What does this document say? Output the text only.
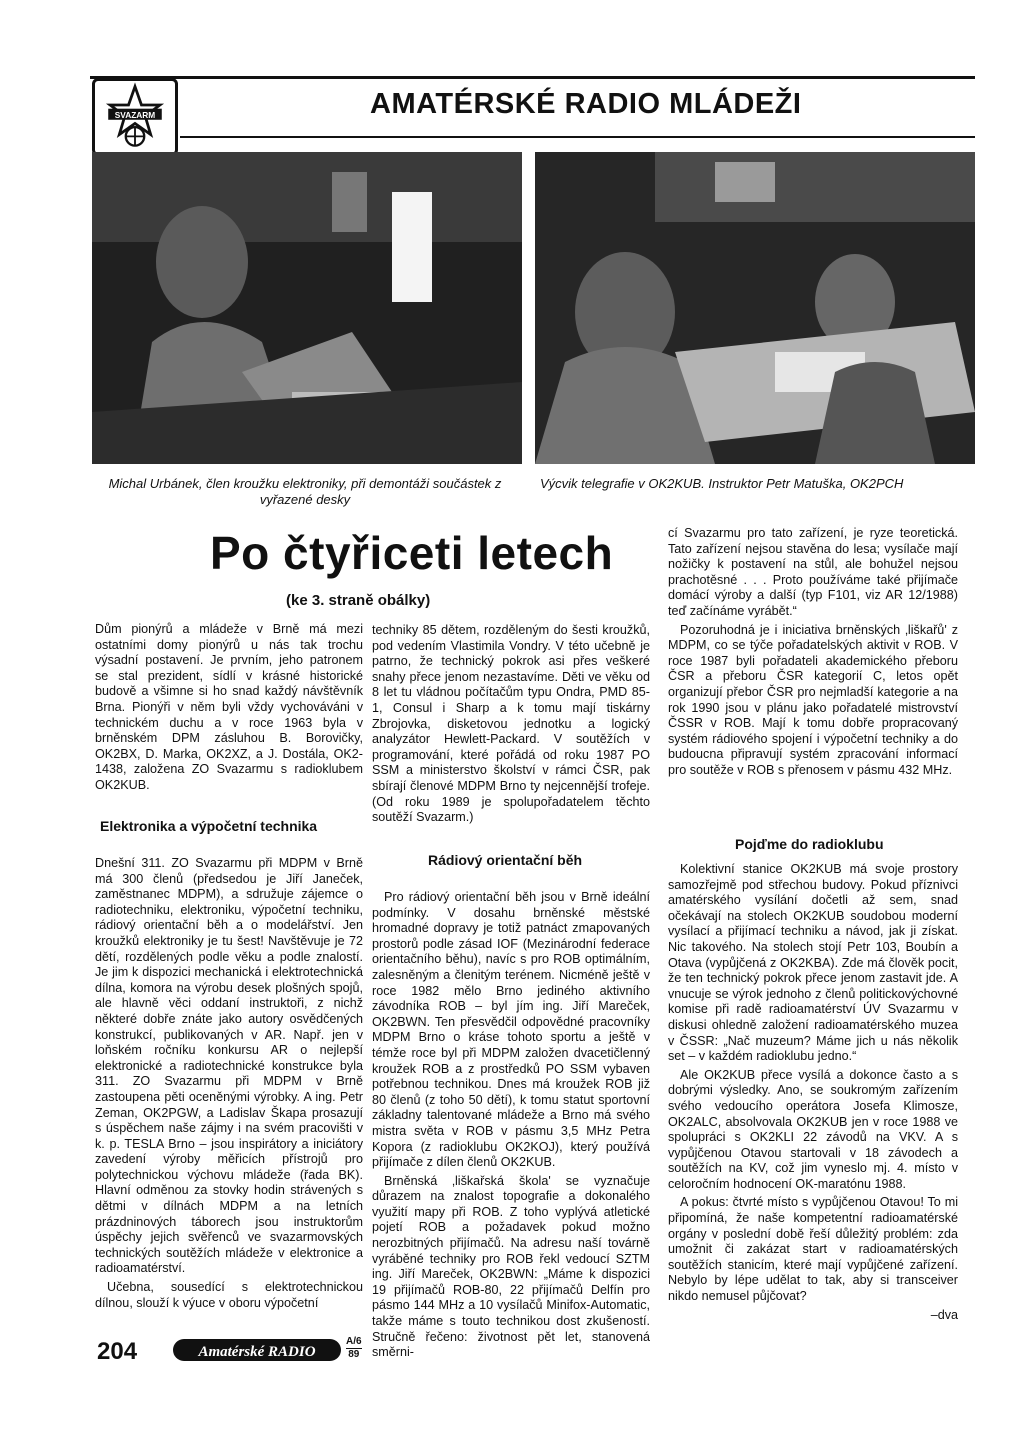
SVAZARM	AMATÉRSKÉ RADIO MLÁDEŽI
Michal Urbánek, člen kroužku elektroniky, při demontáži součástek z vyřazené desky
Výcvik telegrafie v OK2KUB. Instruktor Petr Matuška, OK2PCH
Po čtyřiceti letech
(ke 3. straně obálky)

Dům pionýrů a mládeže v Brně má mezi ostatními domy pionýrů u nás tak trochu výsadní postavení. Je prvním, jeho patronem se stal prezident, sídlí v krásné historické budově a všimne si ho snad každý návštěvník Brna. Pionýři v něm byli vždy vychováváni v technickém duchu a v roce 1963 byla v brněnském DPM zásluhou B. Borovičky, OK2BX, D. Marka, OK2XZ, a J. Dostála, OK2-1438, založena ZO Svazarmu s radioklubem OK2KUB.

Elektronika a výpočetní technika

Dnešní 311. ZO Svazarmu při MDPM v Brně má 300 členů (předsedou je Jiří Janeček, zaměstnanec MDPM), a sdružuje zájemce o radiotechniku, elektroniku, výpočetní techniku, rádiový orientační běh a o modelářství. Jen kroužků elektroniky je tu šest! Navštěvuje je 72 dětí, rozdělených podle věku a podle znalostí. Je jim k dispozici mechanická i elektrotechnická dílna, komora na výrobu desek plošných spojů, ale hlavně věci oddaní instruktoři, z nichž některé dobře znáte jako autory osvědčených konstrukcí, publikovaných v AR. Např. jen v loňském ročníku konkursu AR o nejlepší elektronické a radiotechnické konstrukce byla 311. ZO Svazarmu při MDPM v Brně zastoupena pěti oceněnými výrobky. A ing. Petr Zeman, OK2PGW, a Ladislav Škapa prosazují s úspěchem naše zájmy i na svém pracovišti v k. p. TESLA Brno – jsou inspirátory a iniciátory zavedení výroby měřicích přístrojů pro polytechnickou výchovu mládeže (řada BK). Hlavní odměnou za stovky hodin strávených s dětmi v dílnách MDPM a na letních prázdninových táborech jsou instruktorům úspěchy jejich svěřenců ve svazarmovských technických soutěžích mládeže v elektronice a radioamatérství.

Učebna, sousedící s elektrotechnickou dílnou, slouží k výuce v oboru výpočetní

techniky 85 dětem, rozděleným do šesti kroužků, pod vedením Vlastimila Vondry. V této učebně je patrno, že technický pokrok asi přes veškeré snahy přece jenom nezastavíme. Děti ve věku od 8 let tu vládnou počítačům typu Ondra, PMD 85-1, Consul i Sharp a k tomu mají tiskárny Zbrojovka, disketovou jednotku a logický analyzátor Hewlett-Packard. V soutěžích v programování, které pořádá od roku 1987 PO SSM a ministerstvo školství v rámci ČSR, pak sbírají členové MDPM Brno ty nejcennější trofeje. (Od roku 1989 je spolupořadatelem těchto soutěží Svazarm.)

Rádiový orientační běh

Pro rádiový orientační běh jsou v Brně ideální podmínky. V dosahu brněnské městské hromadné dopravy je totiž patnáct zmapovaných prostorů podle zásad IOF (Mezinárodní federace orientačního běhu), navíc s pro ROB optimálním, zalesněným a členitým terénem. Nicméně ještě v roce 1982 mělo Brno jediného aktivního závodníka ROB – byl jím ing. Jiří Mareček, OK2BWN. Ten přesvědčil odpovědné pracovníky MDPM Brno o kráse tohoto sportu a ještě v témže roce byl při MDPM založen dvacetičlenný kroužek ROB a z prostředků PO SSM vybaven potřebnou technikou. Dnes má kroužek ROB již 80 členů (z toho 50 dětí), k tomu statut sportovní základny talentované mládeže a Brno má svého mistra světa v ROB v pásmu 3,5 MHz Petra Kopora (z radioklubu OK2KOJ), který používá přijímače z dílen členů OK2KUB.

Brněnská ‚liškařská škola' se vyznačuje důrazem na znalost topografie a dokonalého využití mapy při ROB. Z toho vyplývá atletické pojetí ROB a požadavek pokud možno nerozbitných přijímačů. Na adresu naší továrně vyráběné techniky pro ROB řekl vedoucí SZTM ing. Jiří Mareček, OK2BWN: „Máme k dispozici 19 přijímačů ROB-80, 22 přijímačů Delfín pro pásmo 144 MHz a 10 vysílačů Minifox-Automatic, takže máme s touto technikou dost zkušeností. Stručně řečeno: životnost pět let, stanovená směrni-

cí Svazarmu pro tato zařízení, je ryze teoretická. Tato zařízení nejsou stavěna do lesa; vysílače mají nožičky k postavení na stůl, ale bohužel nejsou prachotěsné . . . Proto používáme také přijímače domácí výroby a další (typ F101, viz AR 12/1988) teď začínáme vyrábět.“

Pozoruhodná je i iniciativa brněnských ‚liškařů' z MDPM, co se týče pořadatelských aktivit v ROB. V roce 1987 byli pořadateli akademického přeboru ČSR a přeboru ČSR kategorií C, letos opět organizují přebor ČSR pro nejmladší kategorie a na rok 1990 jsou v plánu jako pořadatelé mistrovství ČSSR v ROB. Mají k tomu dobře propracovaný systém rádiového spojení i výpočetní techniky a do budoucna připravují systém zpracování informací pro soutěže v ROB s přenosem v pásmu 432 MHz.

Pojďme do radioklubu

Kolektivní stanice OK2KUB má svoje prostory samozřejmě pod střechou budovy. Pokud příznivci amatérského vysílání dočetli až sem, snad očekávají na stolech OK2KUB soudobou moderní vysílací a přijímací techniku a návod, jak ji získat. Nic takového. Na stolech stojí Petr 103, Boubín a Otava (vypůjčená z OK2KBA). Zde má člověk pocit, že ten technický pokrok přece jenom zastavit jde. A vnucuje se výrok jednoho z členů politickovýchovné komise při radě radioamatérství ÚV Svazarmu v diskusi ohledně založení radioamatérského muzea v ČSSR: „Nač muzeum? Máme jich u nás několik set – v každém radioklubu jedno.“

Ale OK2KUB přece vysílá a dokonce často a s dobrými výsledky. Ano, se soukromým zařízením svého vedoucího operátora Josefa Klimosze, OK2ALC, absolvovala OK2KUB jen v roce 1988 ve spolupráci s OK2KLI 22 závodů na VKV. A s vypůjčenou Otavou startovali v 18 závodech a soutěžích na KV, což jim vyneslo mj. 4. místo v celoročním hodnocení OK-maratónu 1988.

A pokus: čtvrté místo s vypůjčenou Otavou! To mi připomíná, že naše kompetentní radioamatérské orgány v poslední době řeší důležitý problém: zda umožnit či zakázat start v radioamatérských soutěžích stanicím, které mají vypůjčené zařízení. Nebylo by lépe udělat to tak, aby si transceiver nikdo nemusel půjčovat?

–dva

204	Amatérské RADIO
A/6
89
